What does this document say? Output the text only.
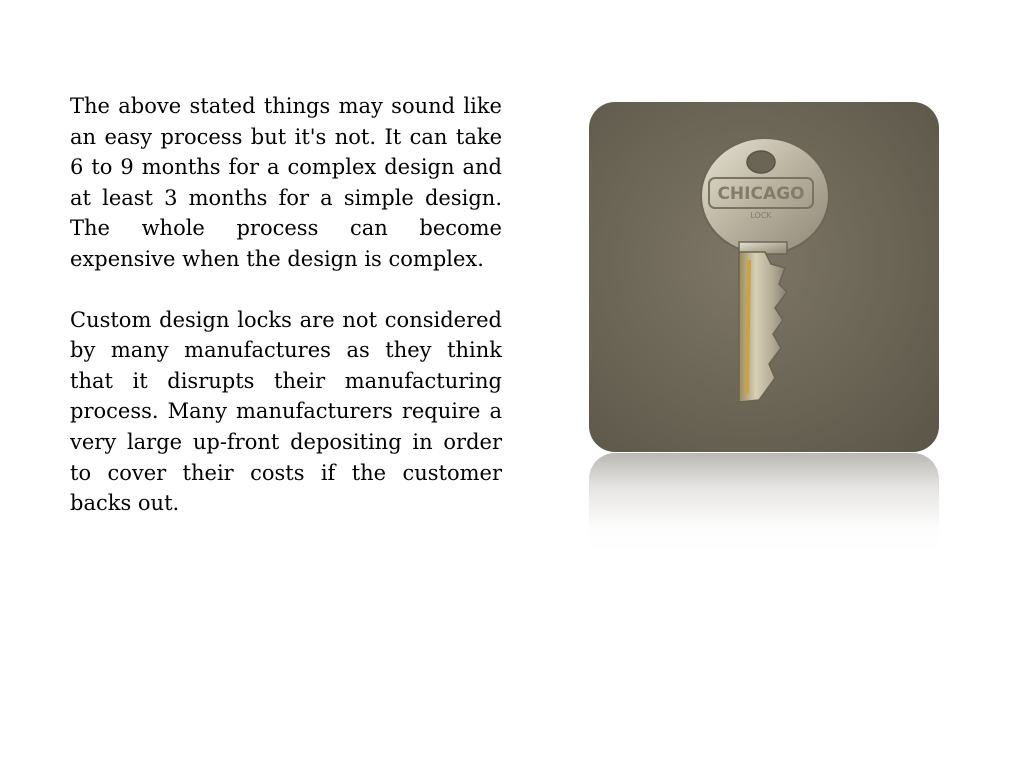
The above stated things may sound like an easy process but it's not. It can take 6 to 9 months for a complex design and at least 3 months for a simple design. The whole process can become expensive when the design is complex.

Custom design locks are not considered by many manufactures as they think that it disrupts their manufacturing process. Many manufacturers require a very large up-front depositing in order to cover their costs if the customer backs out.

CHICAGO
LOCK
